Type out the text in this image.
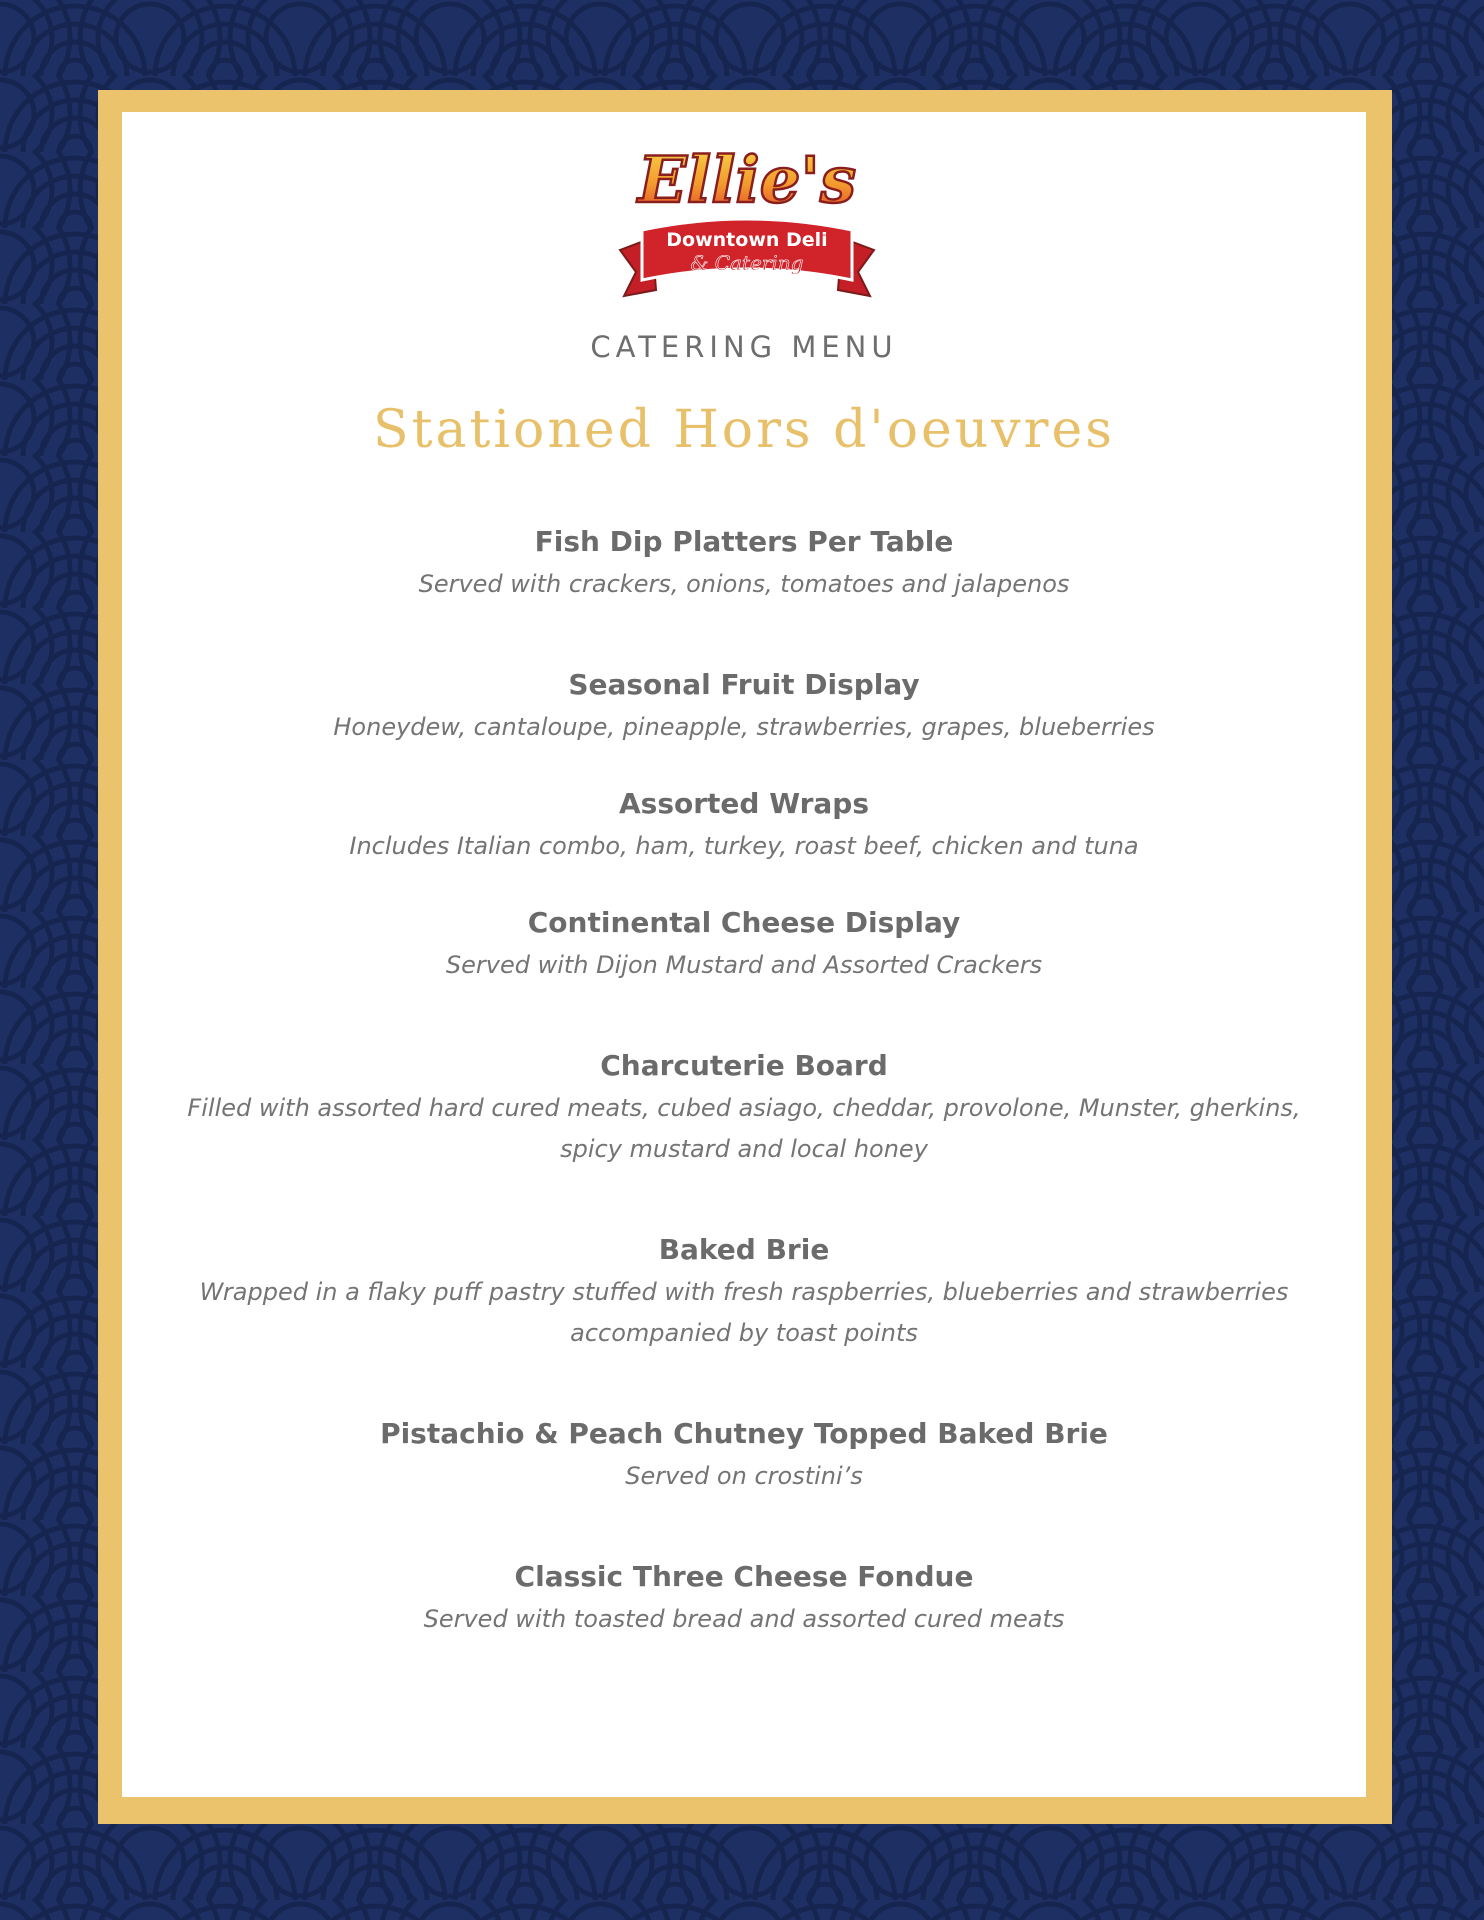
Ellie's
Downtown Deli
& Catering
CATERING MENU
Stationed Hors d'oeuvres
Fish Dip Platters Per Table
Served with crackers, onions, tomatoes and jalapenos
Seasonal Fruit Display
Honeydew, cantaloupe, pineapple, strawberries, grapes, blueberries
Assorted Wraps
Includes Italian combo, ham, turkey, roast beef, chicken and tuna
Continental Cheese Display
Served with Dijon Mustard and Assorted Crackers
Charcuterie Board
Filled with assorted hard cured meats, cubed asiago, cheddar, provolone, Munster, gherkins, spicy mustard and local honey
Baked Brie
Wrapped in a flaky puff pastry stuffed with fresh raspberries, blueberries and strawberries accompanied by toast points
Pistachio & Peach Chutney Topped Baked Brie
Served on crostini’s
Classic Three Cheese Fondue
Served with toasted bread and assorted cured meats
